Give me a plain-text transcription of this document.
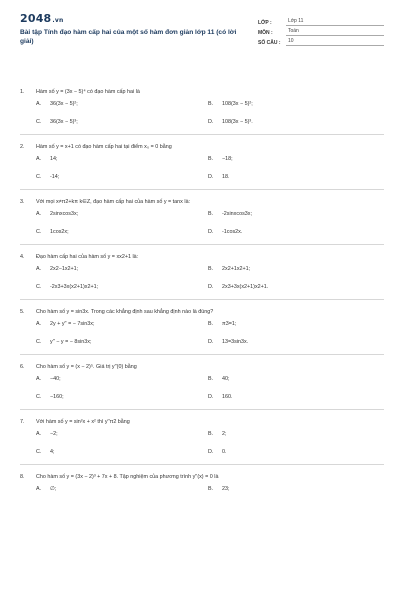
2048.vn
Bài tập Tính đạo hàm cấp hai của một số hàm đơn giản lớp 11 (có lời giải)
LỚP :	Lớp 11
MÔN :	Toán
SỐ CÂU :	10
1.	Hàm số y = (3x − 5)⁴ có đạo hàm cấp hai là
A.	36(3x − 5)²;	B.	108(3x − 5)²;
C.	36(3x − 5)³;	D.	108(3x − 5)³.
2.	Hàm số y = x+1 có đạo hàm cấp hai tại điểm x₀ = 0 bằng
A.	14;	B.	−18;
C.	-14;	D.	18.
3.	Với mọi x≠π2+kπ k∈Z, đạo hàm cấp hai của hàm số y = tanx là:
A.	2sinxcos3x;	B.	-2sinxcos3x;
C.	1cos2x;	D.	-1cos2x.
4.	Đạo hàm cấp hai của hàm số y = xx2+1 là:
A.	2x2−1x2+1;	B.	2x2+1x2+1;
C.	-2x3+3x(x2+1)x2+1;	D.	2x3+3x(x2+1)x2+1.
5.	Cho hàm số y = sin3x. Trong các khẳng định sau khẳng định nào là đúng?
A.	2y + y'' = − 7sin3x;	B.	π3=1;
C.	y'' − y = − 8sin3x;	D.	13=3sin3x.
6.	Cho hàm số y = (x − 2)⁵. Giá trị y''(0) bằng
A.	−40;	B.	40;
C.	−160;	D.	160.
7.	Với hàm số y = sin²x + x² thì y''π2 bằng
A.	−2;	B.	2;
C.	4;	D.	0.
8.	Cho hàm số y = (3x − 2)³ + 7x + 8. Tập nghiệm của phương trình y''(x) = 0 là
A.	∅;	B.	23;
